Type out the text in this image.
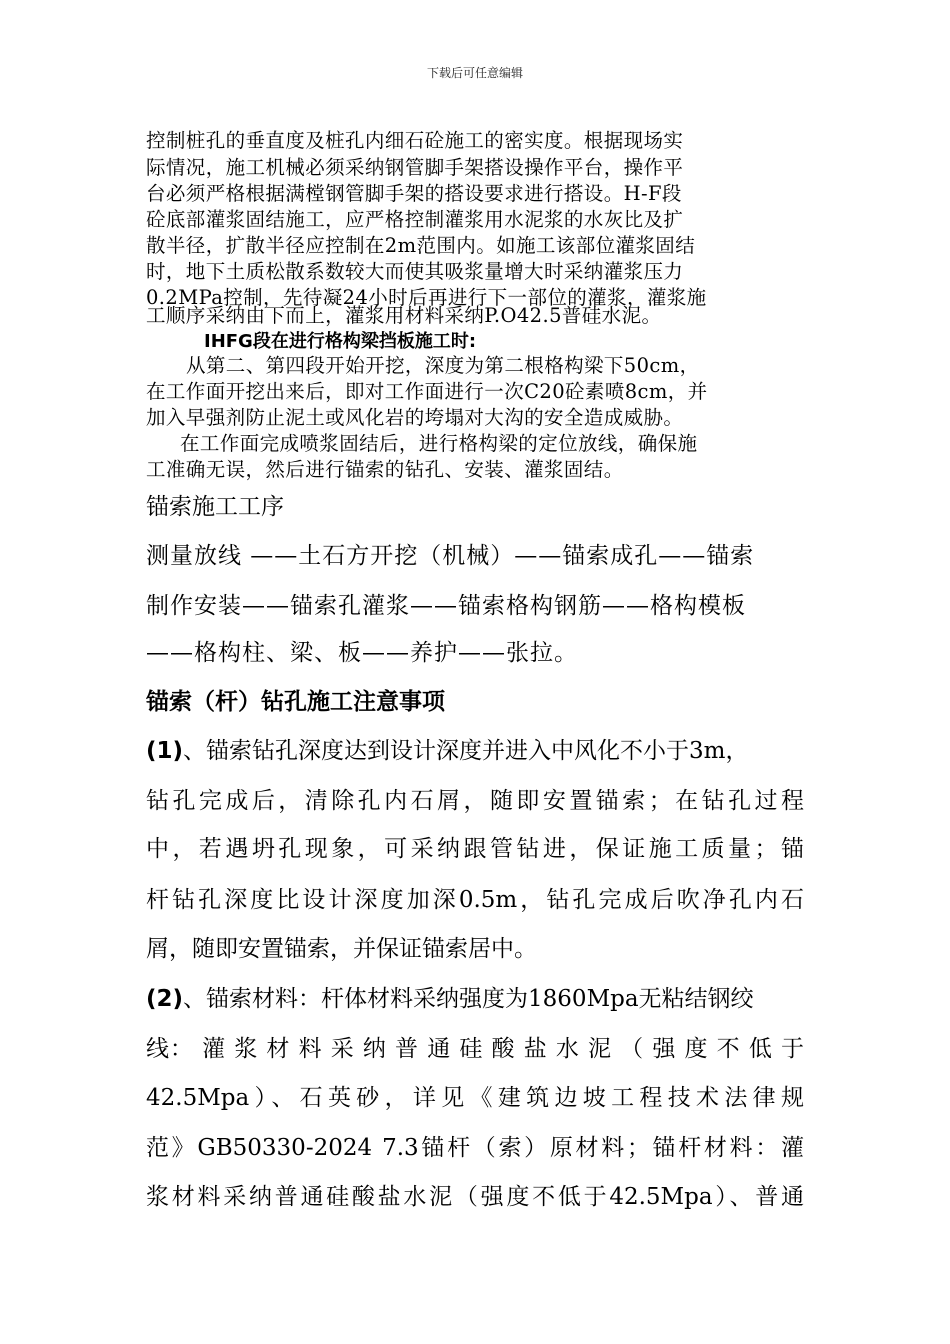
下载后可任意编辑
控制桩孔的垂直度及桩孔内细石砼施工的密实度。根据现场实
际情况，施工机械必须采纳钢管脚手架搭设操作平台，操作平
台必须严格根据满樘钢管脚手架的搭设要求进行搭设。H-F段
砼底部灌浆固结施工，应严格控制灌浆用水泥浆的水灰比及扩
散半径，扩散半径应控制在2m范围内。如施工该部位灌浆固结
时，地下土质松散系数较大而使其吸浆量增大时采纳灌浆压力
0.2MPa控制，先待凝24小时后再进行下一部位的灌浆，灌浆施
工顺序采纳由下而上，灌浆用材料采纳P.O42.5普硅水泥。
IHFG段在进行格构梁挡板施工时:
从第二、第四段开始开挖，深度为第二根格构梁下50cm，
在工作面开挖出来后，即对工作面进行一次C20砼素喷8cm，并
加入早强剂防止泥土或风化岩的垮塌对大沟的安全造成威胁。
在工作面完成喷浆固结后，进行格构梁的定位放线，确保施
工准确无误，然后进行锚索的钻孔、安装、灌浆固结。
锚索施工工序
测量放线 ——土石方开挖（机械）——锚索成孔——锚索
制作安装——锚索孔灌浆——锚索格构钢筋——格构模板
——格构柱、梁、板——养护——张拉。
锚索（杆）钻孔施工注意事项
(1)、锚索钻孔深度达到设计深度并进入中风化不小于3m，
钻孔完成后，清除孔内石屑，随即安置锚索；在钻孔过程
中，若遇坍孔现象，可采纳跟管钻进，保证施工质量；锚
杆钻孔深度比设计深度加深0.5m，钻孔完成后吹净孔内石
屑，随即安置锚索，并保证锚索居中。
(2)、锚索材料：杆体材料采纳强度为1860Mpa无粘结钢绞
线： 灌 浆 材 料 采 纳 普 通 硅 酸 盐 水 泥 （ 强 度 不 低 于
42.5Mpa）、石英砂，详见《建筑边坡工程技术法律规
范》GB50330-2024 7.3锚杆（索）原材料；锚杆材料：灌
浆材料采纳普通硅酸盐水泥（强度不低于42.5Mpa）、普通
